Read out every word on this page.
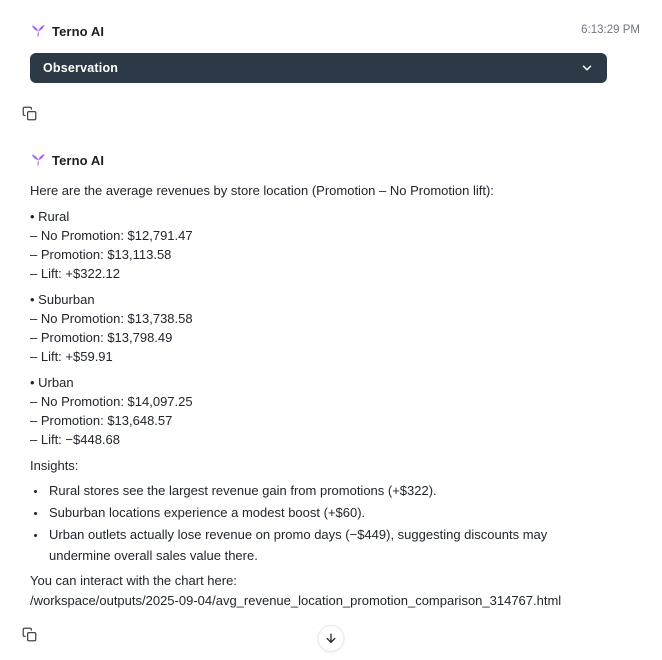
Terno AI	6:13:29 PM
Observation
Terno AI

Here are the average revenues by store location (Promotion – No Promotion lift):

• Rural
– No Promotion: $12,791.47
– Promotion: $13,113.58
– Lift: +$322.12
• Suburban
– No Promotion: $13,738.58
– Promotion: $13,798.49
– Lift: +$59.91
• Urban
– No Promotion: $14,097.25
– Promotion: $13,648.57
– Lift: −$448.68
Insights:
• Rural stores see the largest revenue gain from promotions (+$322).
• Suburban locations experience a modest boost (+$60).
• Urban outlets actually lose revenue on promo days (−$449), suggesting discounts may undermine overall sales value there.
You can interact with the chart here:
/workspace/outputs/2025-09-04/avg_revenue_location_promotion_comparison_314767.html
